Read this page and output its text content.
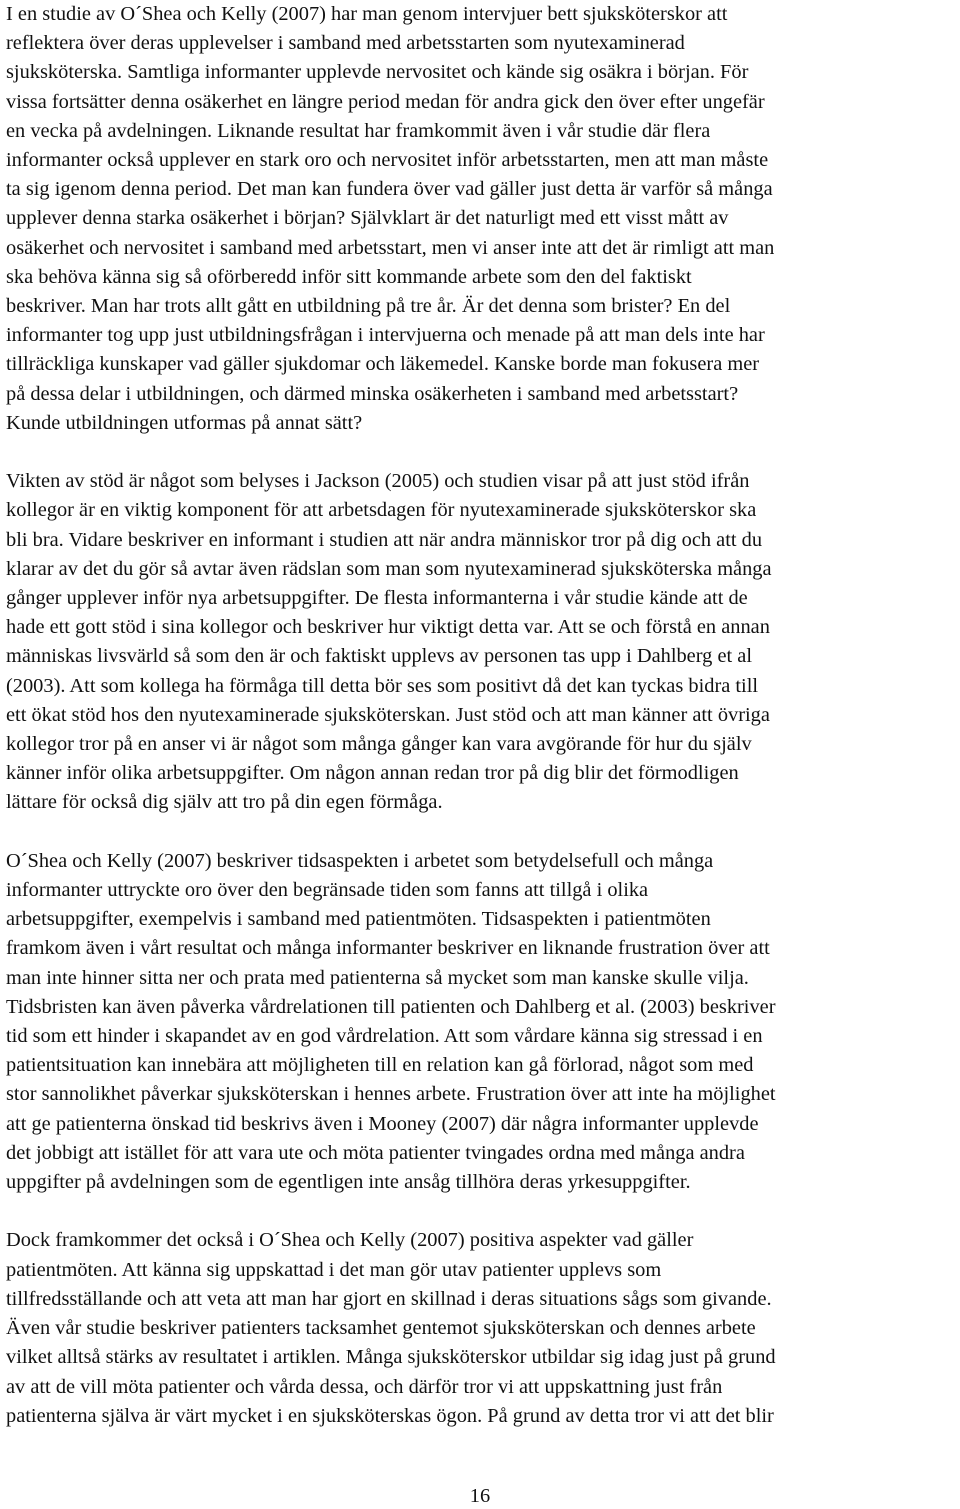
I en studie av O´Shea och Kelly (2007) har man genom intervjuer bett sjuksköterskor att
reflektera över deras upplevelser i samband med arbetsstarten som nyutexaminerad
sjuksköterska. Samtliga informanter upplevde nervositet och kände sig osäkra i början. För
vissa fortsätter denna osäkerhet en längre period medan för andra gick den över efter ungefär
en vecka på avdelningen. Liknande resultat har framkommit även i vår studie där flera
informanter också upplever en stark oro och nervositet inför arbetsstarten, men att man måste
ta sig igenom denna period. Det man kan fundera över vad gäller just detta är varför så många
upplever denna starka osäkerhet i början? Självklart är det naturligt med ett visst mått av
osäkerhet och nervositet i samband med arbetsstart, men vi anser inte att det är rimligt att man
ska behöva känna sig så oförberedd inför sitt kommande arbete som den del faktiskt
beskriver. Man har trots allt gått en utbildning på tre år. Är det denna som brister? En del
informanter tog upp just utbildningsfrågan i intervjuerna och menade på att man dels inte har
tillräckliga kunskaper vad gäller sjukdomar och läkemedel. Kanske borde man fokusera mer
på dessa delar i utbildningen, och därmed minska osäkerheten i samband med arbetsstart?
Kunde utbildningen utformas på annat sätt?

Vikten av stöd är något som belyses i Jackson (2005) och studien visar på att just stöd ifrån
kollegor är en viktig komponent för att arbetsdagen för nyutexaminerade sjuksköterskor ska
bli bra. Vidare beskriver en informant i studien att när andra människor tror på dig och att du
klarar av det du gör så avtar även rädslan som man som nyutexaminerad sjuksköterska många
gånger upplever inför nya arbetsuppgifter. De flesta informanterna i vår studie kände att de
hade ett gott stöd i sina kollegor och beskriver hur viktigt detta var. Att se och förstå en annan
människas livsvärld så som den är och faktiskt upplevs av personen tas upp i Dahlberg et al
(2003). Att som kollega ha förmåga till detta bör ses som positivt då det kan tyckas bidra till
ett ökat stöd hos den nyutexaminerade sjuksköterskan. Just stöd och att man känner att övriga
kollegor tror på en anser vi är något som många gånger kan vara avgörande för hur du själv
känner inför olika arbetsuppgifter. Om någon annan redan tror på dig blir det förmodligen
lättare för också dig själv att tro på din egen förmåga.

O´Shea och Kelly (2007) beskriver tidsaspekten i arbetet som betydelsefull och många
informanter uttryckte oro över den begränsade tiden som fanns att tillgå i olika
arbetsuppgifter, exempelvis i samband med patientmöten. Tidsaspekten i patientmöten
framkom även i vårt resultat och många informanter beskriver en liknande frustration över att
man inte hinner sitta ner och prata med patienterna så mycket som man kanske skulle vilja.
Tidsbristen kan även påverka vårdrelationen till patienten och Dahlberg et al. (2003) beskriver
tid som ett hinder i skapandet av en god vårdrelation. Att som vårdare känna sig stressad i en
patientsituation kan innebära att möjligheten till en relation kan gå förlorad, något som med
stor sannolikhet påverkar sjuksköterskan i hennes arbete. Frustration över att inte ha möjlighet
att ge patienterna önskad tid beskrivs även i Mooney (2007) där några informanter upplevde
det jobbigt att istället för att vara ute och möta patienter tvingades ordna med många andra
uppgifter på avdelningen som de egentligen inte ansåg tillhöra deras yrkesuppgifter.

Dock framkommer det också i O´Shea och Kelly (2007) positiva aspekter vad gäller
patientmöten. Att känna sig uppskattad i det man gör utav patienter upplevs som
tillfredsställande och att veta att man har gjort en skillnad i deras situations sågs som givande.
Även vår studie beskriver patienters tacksamhet gentemot sjuksköterskan och dennes arbete
vilket alltså stärks av resultatet i artiklen. Många sjuksköterskor utbildar sig idag just på grund
av att de vill möta patienter och vårda dessa, och därför tror vi att uppskattning just från
patienterna själva är värt mycket i en sjuksköterskas ögon. På grund av detta tror vi att det blir

16
